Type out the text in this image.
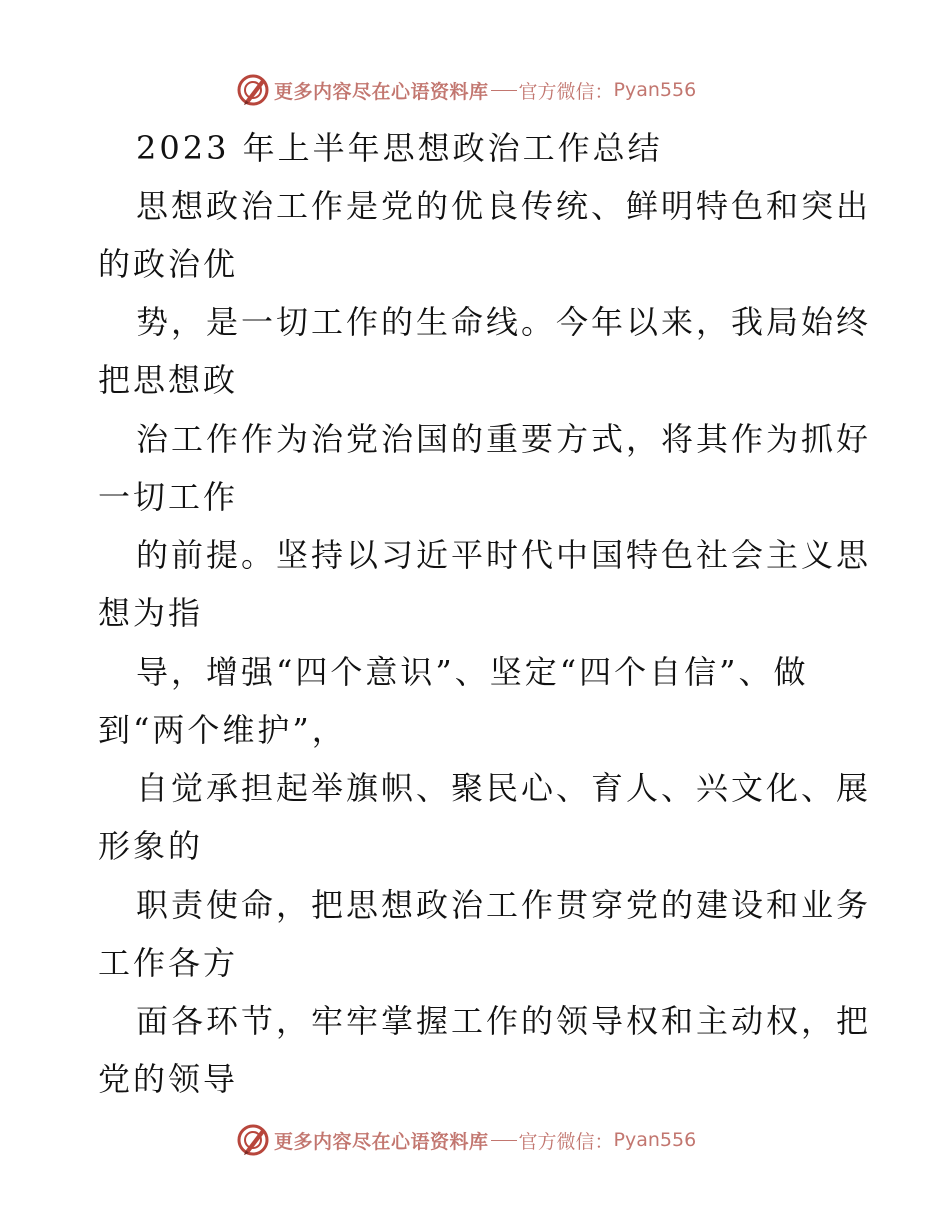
更多内容尽在心语资料库 官方微信： Pyan556
2023 年上半年思想政治工作总结
思想政治工作是党的优良传统、鲜明特色和突出
的政治优
势，是一切工作的生命线。今年以来，我局始终
把思想政
治工作作为治党治国的重要方式，将其作为抓好
一切工作
的前提。坚持以习近平时代中国特色社会主义思
想为指
导，增强“四个意识”、坚定“四个自信”、做
到“两个维护”，
自觉承担起举旗帜、聚民心、育人、兴文化、展
形象的
职责使命，把思想政治工作贯穿党的建设和业务
工作各方
面各环节，牢牢掌握工作的领导权和主动权，把
党的领导
更多内容尽在心语资料库 官方微信： Pyan556
